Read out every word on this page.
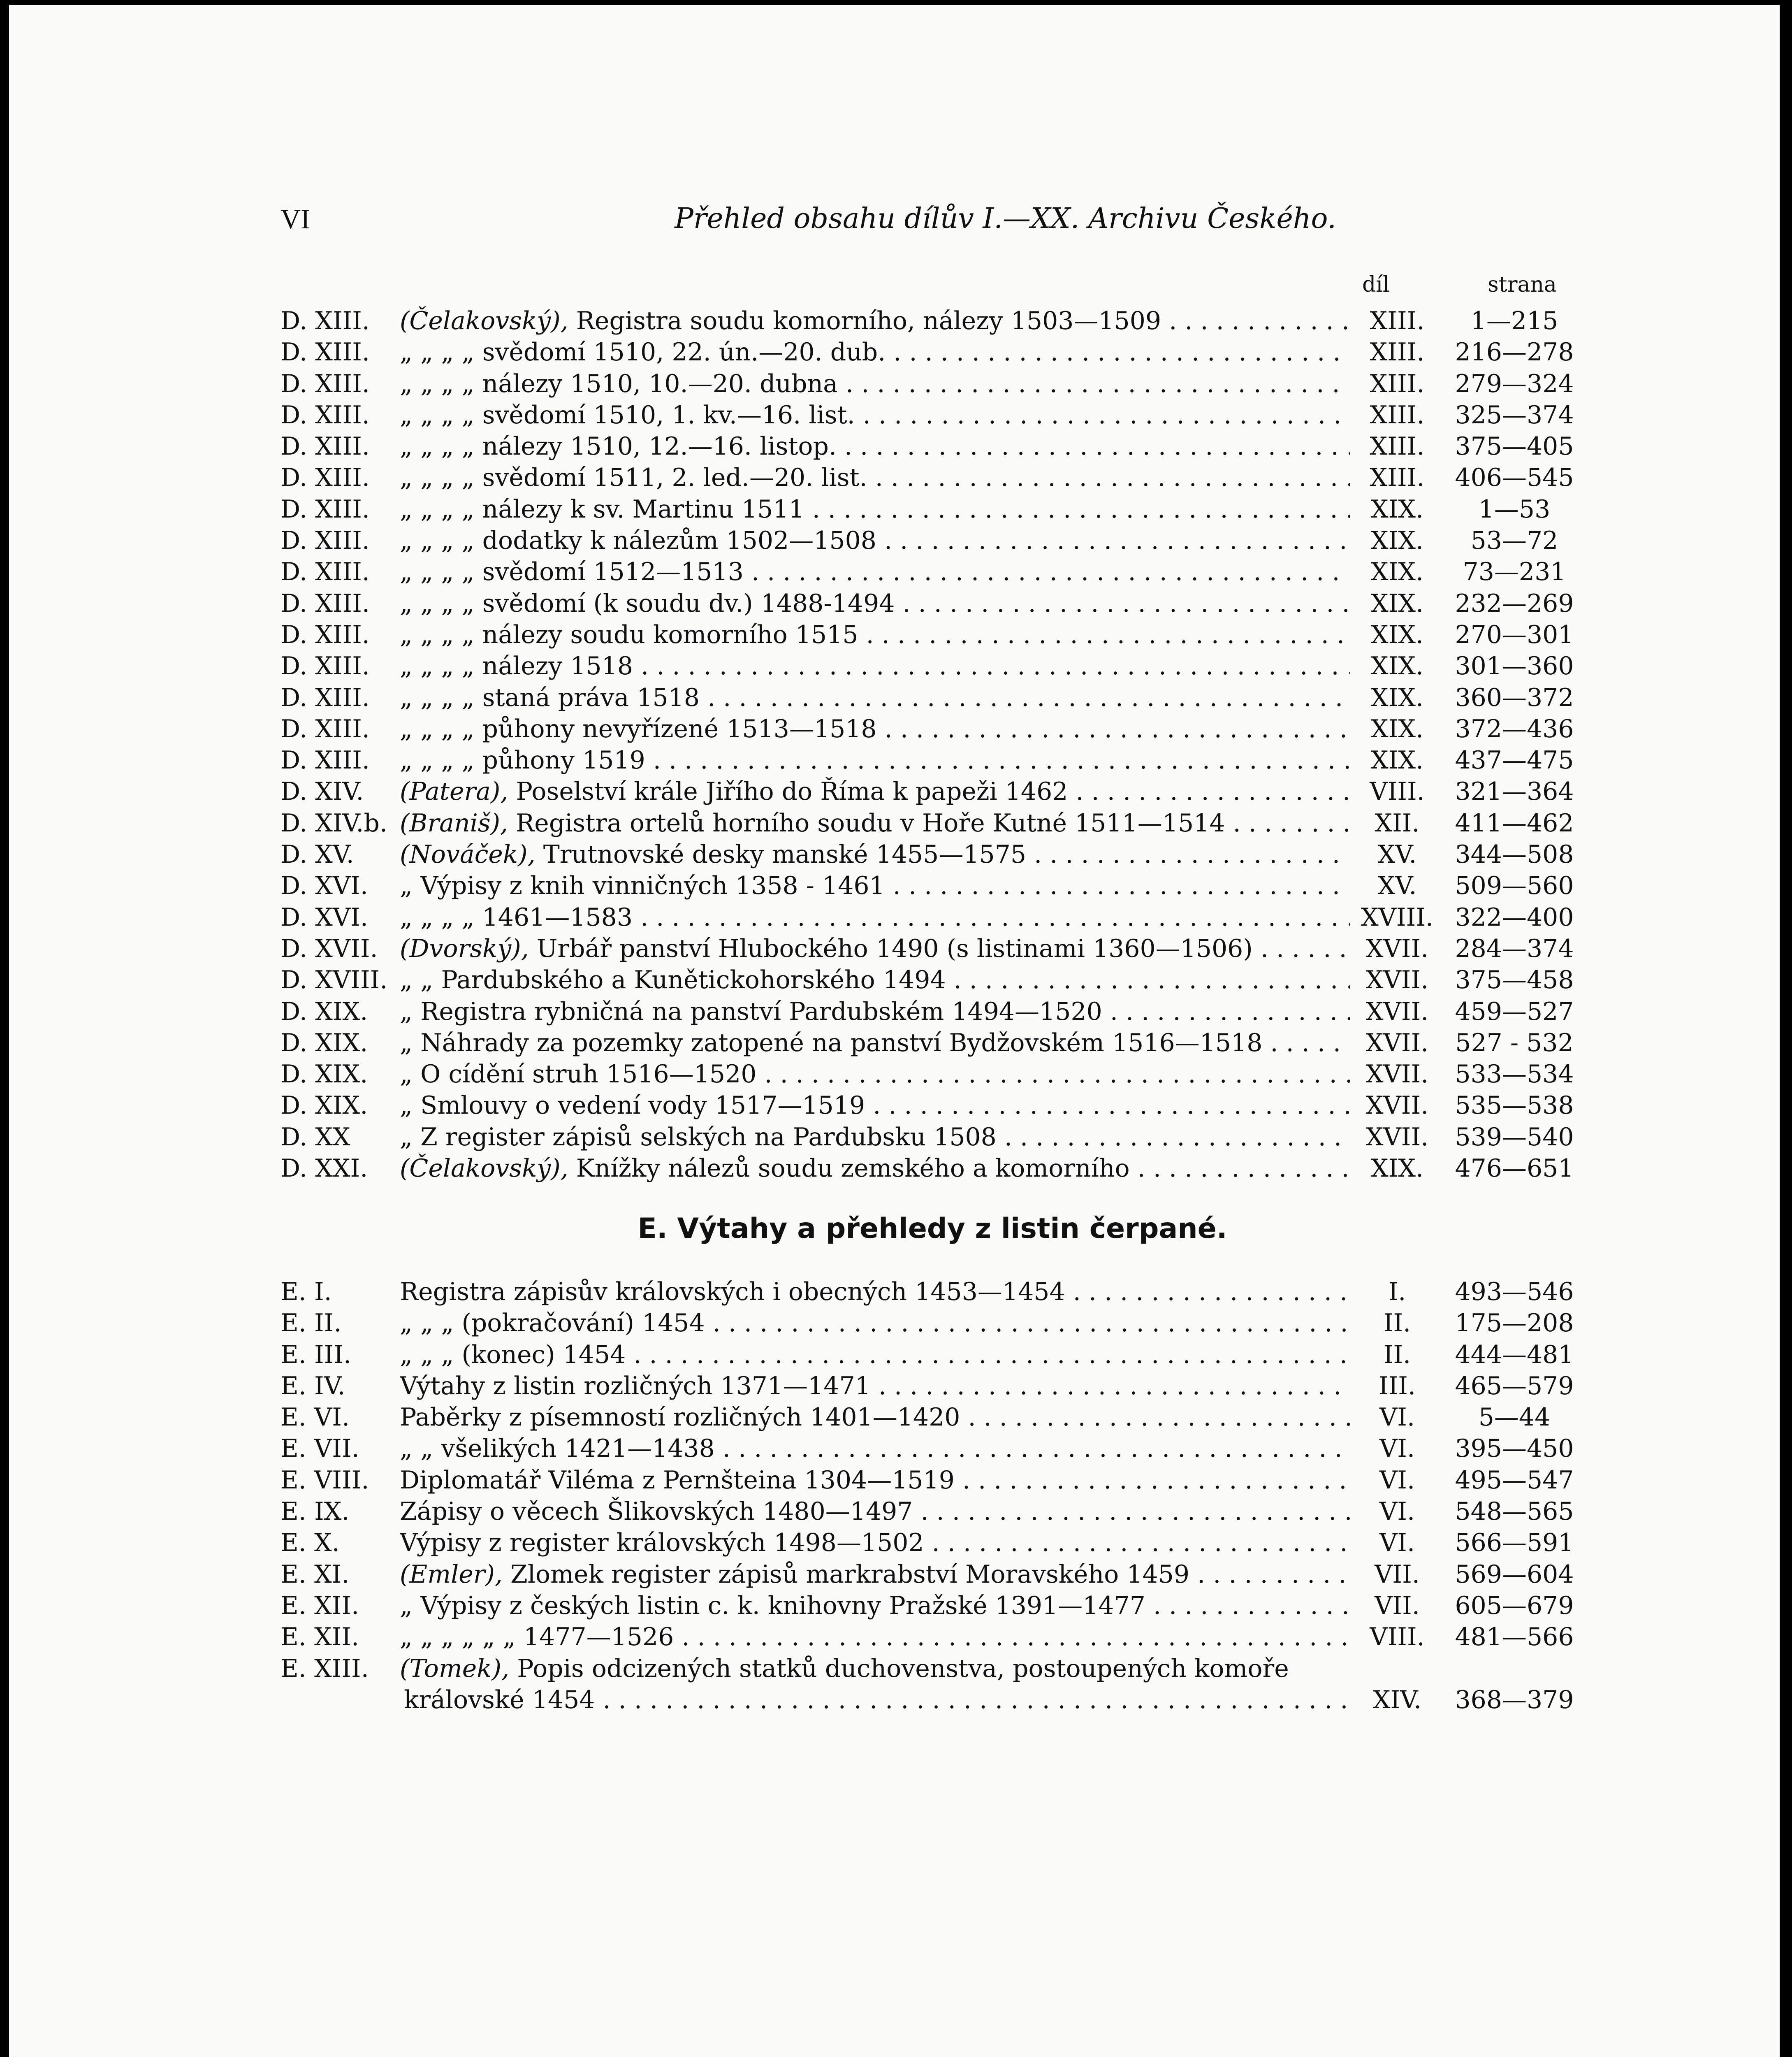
VI	Přehled obsahu dílův I.—XX. Archivu Českého.
díl	strana
D. XIII.	(Čelakovský), Registra soudu komorního, nálezy 1503—1509 . . .	XIII.	1—215
D. XIII.	„ „ „ „ svědomí 1510, 22. ún.—20. dub. . . .	XIII.	216—278
D. XIII.	„ „ „ „ nálezy 1510, 10.—20. dubna . . .	XIII.	279—324
D. XIII.	„ „ „ „ svědomí 1510, 1. kv.—16. list. . . .	XIII.	325—374
D. XIII.	„ „ „ „ nálezy 1510, 12.—16. listop. . . .	XIII.	375—405
D. XIII.	„ „ „ „ svědomí 1511, 2. led.—20. list. . . .	XIII.	406—545
D. XIII.	„ „ „ „ nálezy k sv. Martinu 1511 . . .	XIX.	1—53
D. XIII.	„ „ „ „ dodatky k nálezům 1502—1508 . . .	XIX.	53—72
D. XIII.	„ „ „ „ svědomí 1512—1513 . . .	XIX.	73—231
D. XIII.	„ „ „ „ svědomí (k soudu dv.) 1488-1494 . . .	XIX.	232—269
D. XIII.	„ „ „ „ nálezy soudu komorního 1515 . . .	XIX.	270—301
D. XIII.	„ „ „ „ nálezy 1518 . . .	XIX.	301—360
D. XIII.	„ „ „ „ staná práva 1518 . . .	XIX.	360—372
D. XIII.	„ „ „ „ půhony nevyřízené 1513—1518 . . .	XIX.	372—436
D. XIII.	„ „ „ „ půhony 1519 . . .	XIX.	437—475
D. XIV.	(Patera), Poselství krále Jiřího do Říma k papeži 1462 . . .	VIII.	321—364
D. XIV.b. (Braniš), Registra ortelů horního soudu v Hoře Kutné 1511—1514 . . .	XII.	411—462
D. XV.	(Nováček), Trutnovské desky manské 1455—1575 . . .	XV.	344—508
D. XVI.	„ Výpisy z knih vinničných 1358 - 1461 . . .	XV.	509—560
D. XVI.	„ „ „ „ 1461—1583 . . .	XVIII. 322—400
D. XVII. (Dvorský), Urbář panství Hlubockého 1490 (s listinami 1360—1506) . . .	XVII.	284—374
D. XVIII. „ „ Pardubského a Kunětickohorského 1494 . . .	XVII.	375—458
D. XIX.	„ Registra rybničná na panství Pardubském 1494—1520 . . .	XVII.	459—527
D. XIX.	„ Náhrady za pozemky zatopené na panství Bydžovském 1516—1518 . . .	XVII.	527 - 532
D. XIX.	„ O cídění struh 1516—1520 . . .	XVII.	533—534
D. XIX.	„ Smlouvy o vedení vody 1517—1519 . . .	XVII.	535—538
D. XX	„ Z register zápisů selských na Pardubsku 1508 . . .	XVII.	539—540
D. XXI.	(Čelakovský), Knížky nálezů soudu zemského a komorního . . .	XIX.	476—651
E. Výtahy a přehledy z listin čerpané.
E. I.	Registra zápisův královských i obecných 1453—1454 . . .	I.	493—546
E. II.	„ „ „ (pokračování) 1454 . . .	II.	175—208
E. III.	„ „ „ (konec) 1454 . . .	II.	444—481
E. IV.	Výtahy z listin rozličných 1371—1471 . . .	III.	465—579
E. VI.	Paběrky z písemností rozličných 1401—1420 . . .	VI.	5—44
E. VII.	„ „ všelikých 1421—1438 . . .	VI.	395—450
E. VIII.	Diplomatář Viléma z Pernšteina 1304—1519 . . .	VI.	495—547
E. IX.	Zápisy o věcech Šlikovských 1480—1497 . . .	VI.	548—565
E. X.	Výpisy z register královských 1498—1502 . . .	VI.	566—591
E. XI.	(Emler), Zlomek register zápisů markrabství Moravského 1459 . . .	VII.	569—604
E. XII.	„ Výpisy z českých listin c. k. knihovny Pražské 1391—1477 . . .	VII.	605—679
E. XII.	„ „ „ „ „ „ 1477—1526 . . .	VIII.	481—566
E. XIII.	(Tomek), Popis odcizených statků duchovenstva, postoupených komoře
královské 1454 . . .	XIV.	368—379
